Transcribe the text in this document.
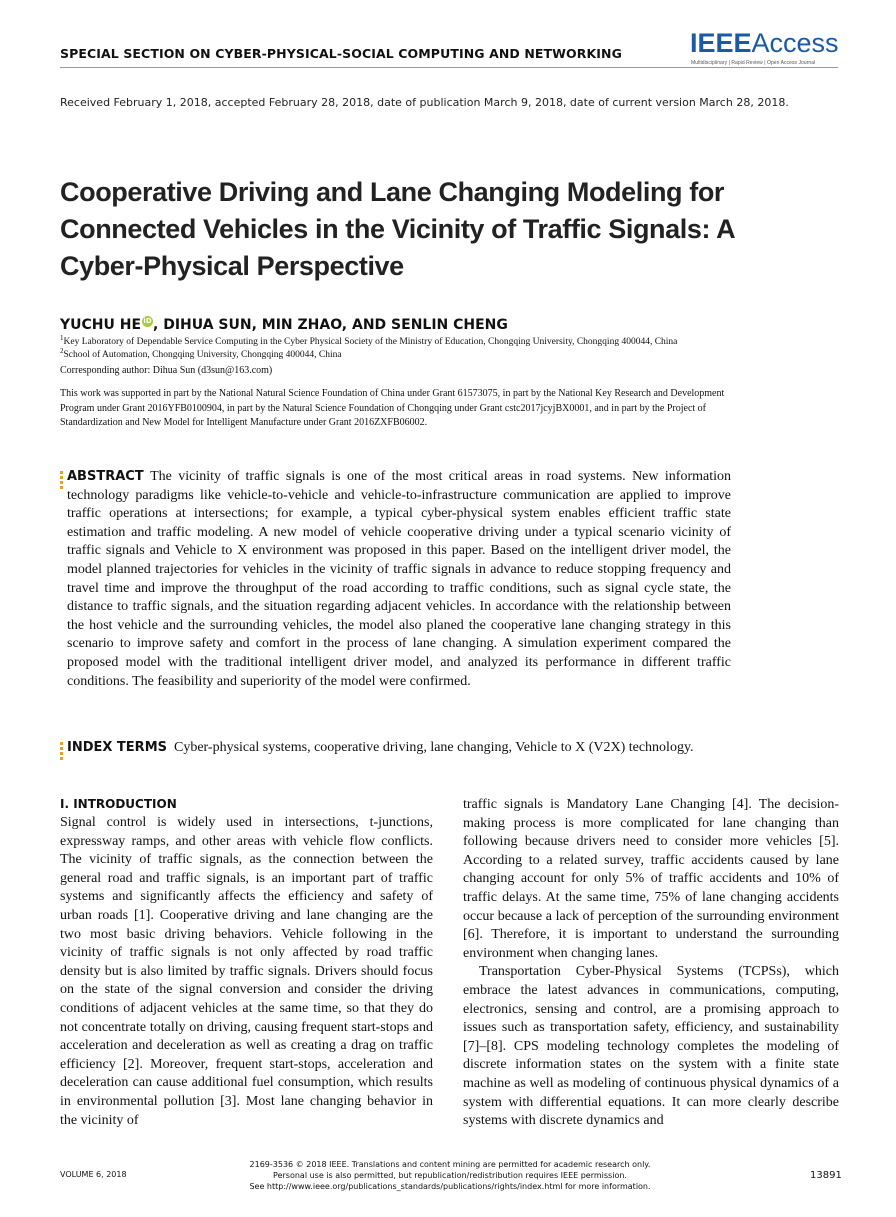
SPECIAL SECTION ON CYBER-PHYSICAL-SOCIAL COMPUTING AND NETWORKING	IEEEAccess
Multidisciplinary | Rapid Review | Open Access Journal
Received February 1, 2018, accepted February 28, 2018, date of publication March 9, 2018, date of current version March 28, 2018.
Cooperative Driving and Lane Changing Modeling for Connected Vehicles in the Vicinity of Traffic Signals: A Cyber-Physical Perspective
YUCHU HE iD, DIHUA SUN, MIN ZHAO, AND SENLIN CHENG
$^1$Key Laboratory of Dependable Service Computing in the Cyber Physical Society of the Ministry of Education, Chongqing University, Chongqing 400044, China
$^2$School of Automation, Chongqing University, Chongqing 400044, China
Corresponding author: Dihua Sun (d3sun@163.com)
This work was supported in part by the National Natural Science Foundation of China under Grant 61573075, in part by the National Key Research and Development Program under Grant 2016YFB0100904, in part by the Natural Science Foundation of Chongqing under Grant cstc2017jcyjBX0001, and in part by the Project of Standardization and New Model for Intelligent Manufacture under Grant 2016ZXFB06002.
ABSTRACT The vicinity of traffic signals is one of the most critical areas in road systems. New information technology paradigms like vehicle-to-vehicle and vehicle-to-infrastructure communication are applied to improve traffic operations at intersections; for example, a typical cyber-physical system enables efficient traffic state estimation and traffic modeling. A new model of vehicle cooperative driving under a typical scenario vicinity of traffic signals and Vehicle to X environment was proposed in this paper. Based on the intelligent driver model, the model planned trajectories for vehicles in the vicinity of traffic signals in advance to reduce stopping frequency and travel time and improve the throughput of the road according to traffic conditions, such as signal cycle state, the distance to traffic signals, and the situation regarding adjacent vehicles. In accordance with the relationship between the host vehicle and the surrounding vehicles, the model also planed the cooperative lane changing strategy in this scenario to improve safety and comfort in the process of lane changing. A simulation experiment compared the proposed model with the traditional intelligent driver model, and analyzed its performance in different traffic conditions. The feasibility and superiority of the model were confirmed.
INDEX TERMS Cyber-physical systems, cooperative driving, lane changing, Vehicle to X (V2X) technology.
I. INTRODUCTION
Signal control is widely used in intersections, t-junctions, expressway ramps, and other areas with vehicle flow conflicts. The vicinity of traffic signals, as the connection between the general road and traffic signals, is an important part of traffic systems and significantly affects the efficiency and safety of urban roads [1]. Cooperative driving and lane changing are the two most basic driving behaviors. Vehicle following in the vicinity of traffic signals is not only affected by road traffic density but is also limited by traffic signals. Drivers should focus on the state of the signal conversion and consider the driving conditions of adjacent vehicles at the same time, so that they do not concentrate totally on driving, causing frequent start-stops and acceleration and deceleration as well as creating a drag on traffic efficiency [2]. Moreover, frequent start-stops, acceleration and deceleration can cause additional fuel consumption, which results in environmental pollution [3]. Most lane changing behavior in the vicinity of
traffic signals is Mandatory Lane Changing [4]. The decision-making process is more complicated for lane changing than following because drivers need to consider more vehicles [5]. According to a related survey, traffic accidents caused by lane changing account for only 5% of traffic accidents and 10% of traffic delays. At the same time, 75% of lane changing accidents occur because a lack of perception of the surrounding environment [6]. Therefore, it is important to understand the surrounding environment when changing lanes.
Transportation Cyber-Physical Systems (TCPSs), which embrace the latest advances in communications, computing, electronics, sensing and control, are a promising approach to issues such as transportation safety, efficiency, and sustainability [7]–[8]. CPS modeling technology completes the modeling of discrete information states on the system with a finite state machine as well as modeling of continuous physical dynamics of a system with differential equations. It can more clearly describe systems with discrete dynamics and
VOLUME 6, 2018
2169-3536 © 2018 IEEE. Translations and content mining are permitted for academic research only.
Personal use is also permitted, but republication/redistribution requires IEEE permission.
See http://www.ieee.org/publications_standards/publications/rights/index.html for more information.
13891
